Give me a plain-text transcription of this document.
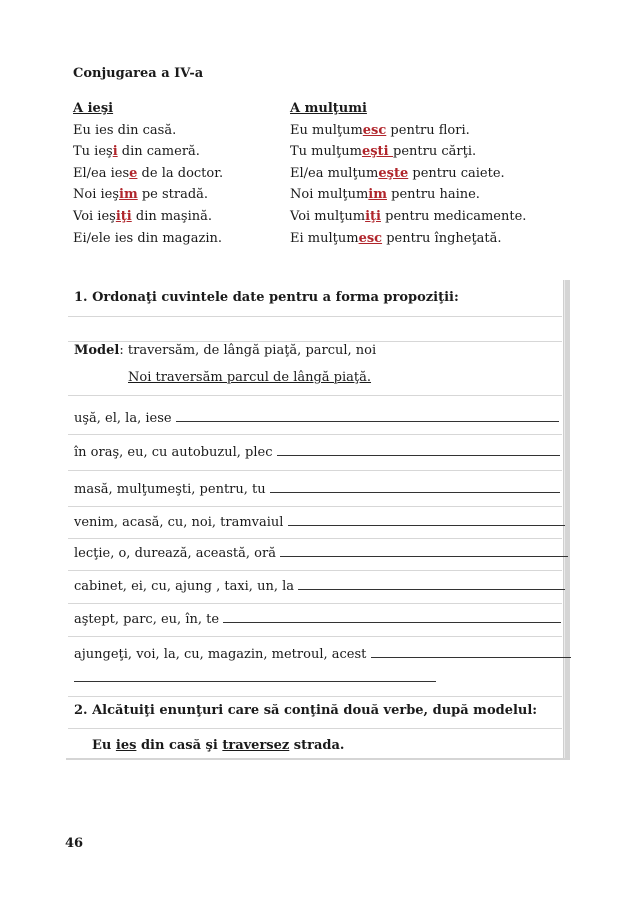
Conjugarea a IV-a
A ieşi
Eu ies din casă.
Tu ieşi din cameră.
El/ea iese de la doctor.
Noi ieşim pe stradă.
Voi ieşiţi din maşină.
Ei/ele ies din magazin.
A mulţumi
Eu mulţumesc pentru flori.
Tu mulţumeşti pentru cărţi.
El/ea mulţumeşte pentru caiete.
Noi mulţumim pentru haine.
Voi mulţumiţi pentru medicamente.
Ei mulţumesc pentru îngheţată.
1. Ordonaţi cuvintele date pentru a forma propoziţii:
Model: traversăm, de lângă piaţă, parcul, noi
Noi traversăm parcul de lângă piaţă.
uşă, el, la, iese
în oraş, eu, cu autobuzul, plec
masă, mulţumeşti, pentru, tu
venim, acasă, cu, noi, tramvaiul
lecţie, o, durează, această, oră
cabinet, ei, cu, ajung , taxi, un, la
aştept, parc, eu, în, te
ajungeţi, voi, la, cu, magazin, metroul, acest
2. Alcătuiţi enunţuri care să conţină două verbe, după modelul:
Eu ies din casă şi traversez strada.
46
